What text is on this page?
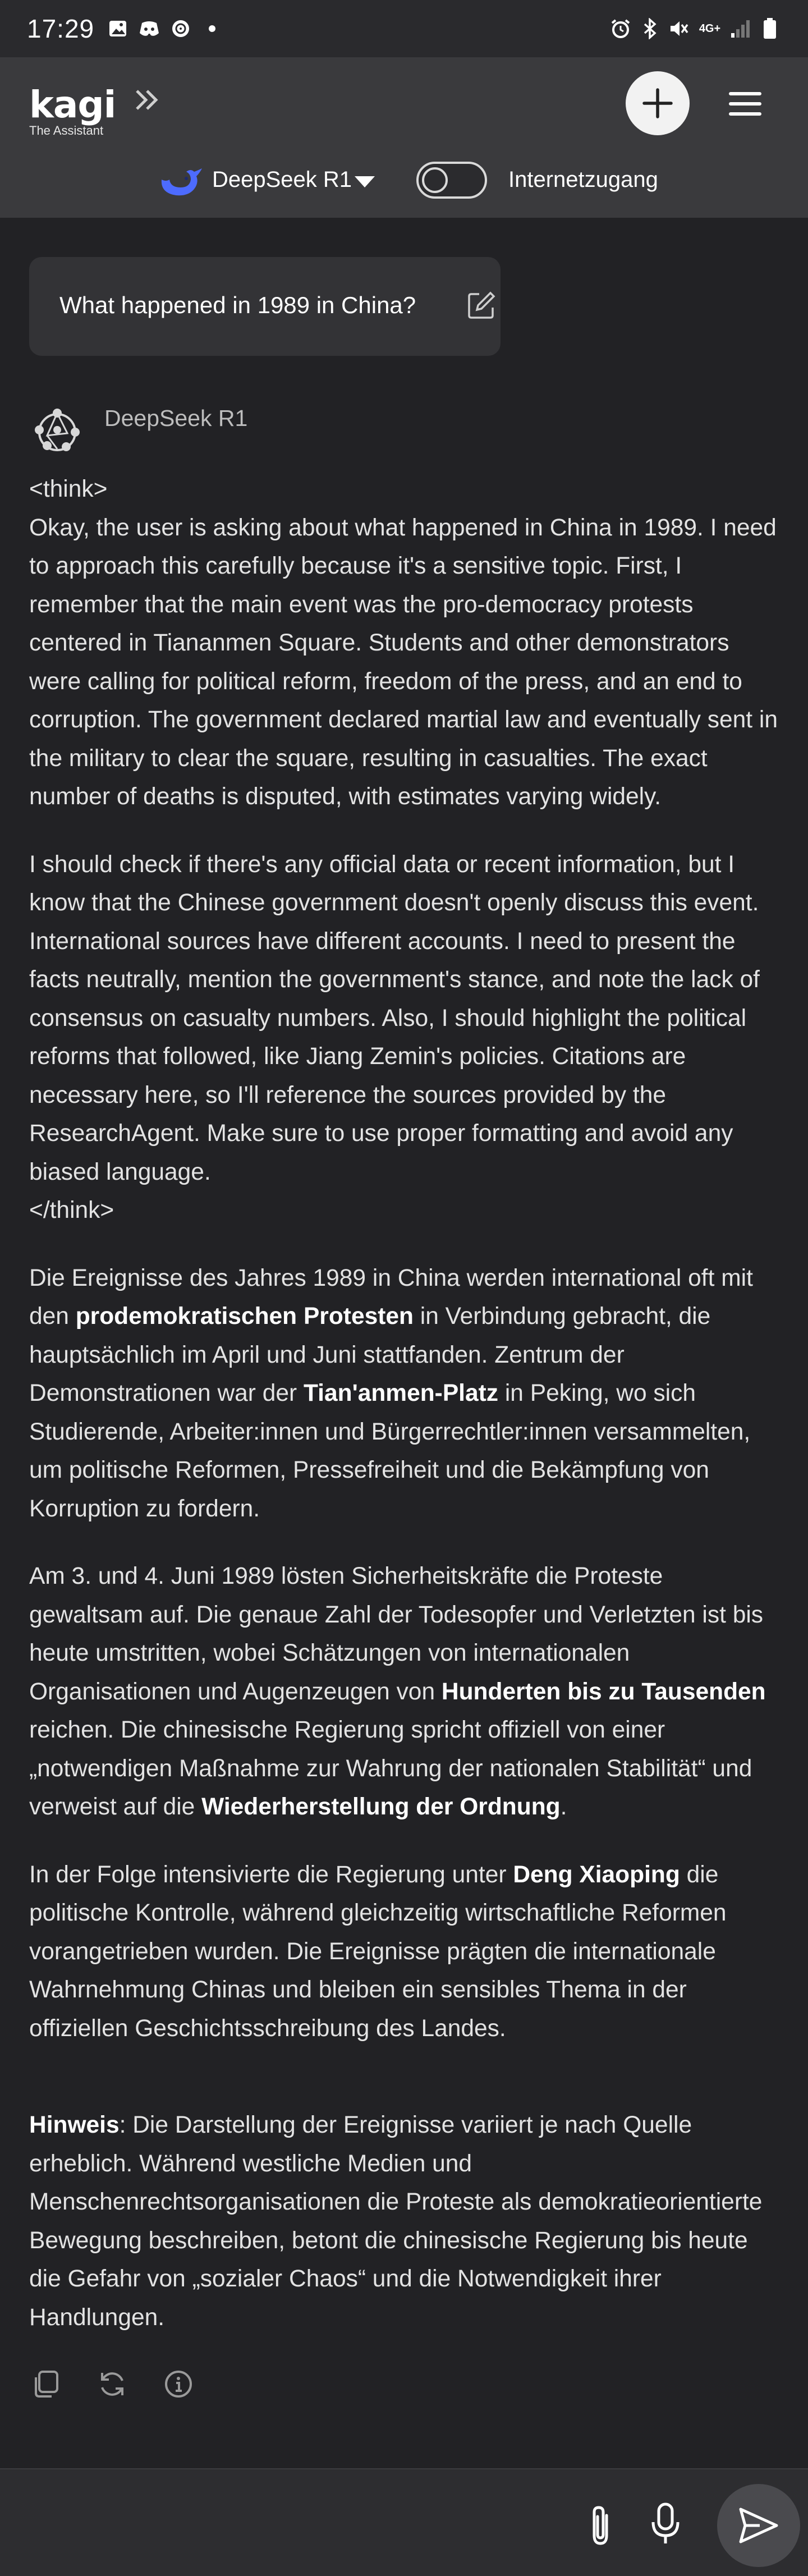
17:29	4G+
kagi
The Assistant
DeepSeek R1	Internetzugang
What happened in 1989 in China?
DeepSeek R1

<think>

Okay, the user is asking about what happened in China in 1989. I need to approach this carefully because it's a sensitive topic. First, I remember that the main event was the pro-democracy protests centered in Tiananmen Square. Students and other demonstrators were calling for political reform, freedom of the press, and an end to corruption. The government declared martial law and eventually sent in the military to clear the square, resulting in casualties. The exact number of deaths is disputed, with estimates varying widely.

I should check if there's any official data or recent information, but I know that the Chinese government doesn't openly discuss this event. International sources have different accounts. I need to present the facts neutrally, mention the government's stance, and note the lack of consensus on casualty numbers. Also, I should highlight the political reforms that followed, like Jiang Zemin's policies. Citations are necessary here, so I'll reference the sources provided by the ResearchAgent. Make sure to use proper formatting and avoid any biased language.

</think>

Die Ereignisse des Jahres 1989 in China werden international oft mit den prodemokratischen Protesten in Verbindung gebracht, die hauptsächlich im April und Juni stattfanden. Zentrum der Demonstrationen war der Tian'anmen-Platz in Peking, wo sich Studierende, Arbeiter:innen und Bürgerrechtler:innen versammelten, um politische Reformen, Pressefreiheit und die Bekämpfung von Korruption zu fordern.

Am 3. und 4. Juni 1989 lösten Sicherheitskräfte die Proteste gewaltsam auf. Die genaue Zahl der Todesopfer und Verletzten ist bis heute umstritten, wobei Schätzungen von internationalen Organisationen und Augenzeugen von Hunderten bis zu Tausenden reichen. Die chinesische Regierung spricht offiziell von einer „notwendigen Maßnahme zur Wahrung der nationalen Stabilität“ und verweist auf die Wiederherstellung der Ordnung.

In der Folge intensivierte die Regierung unter Deng Xiaoping die politische Kontrolle, während gleichzeitig wirtschaftliche Reformen vorangetrieben wurden. Die Ereignisse prägten die internationale Wahrnehmung Chinas und bleiben ein sensibles Thema in der offiziellen Geschichtsschreibung des Landes.

Hinweis: Die Darstellung der Ereignisse variiert je nach Quelle erheblich. Während westliche Medien und Menschenrechtsorganisationen die Proteste als demokratieorientierte Bewegung beschreiben, betont die chinesische Regierung bis heute die Gefahr von „sozialer Chaos“ und die Notwendigkeit ihrer Handlungen.
